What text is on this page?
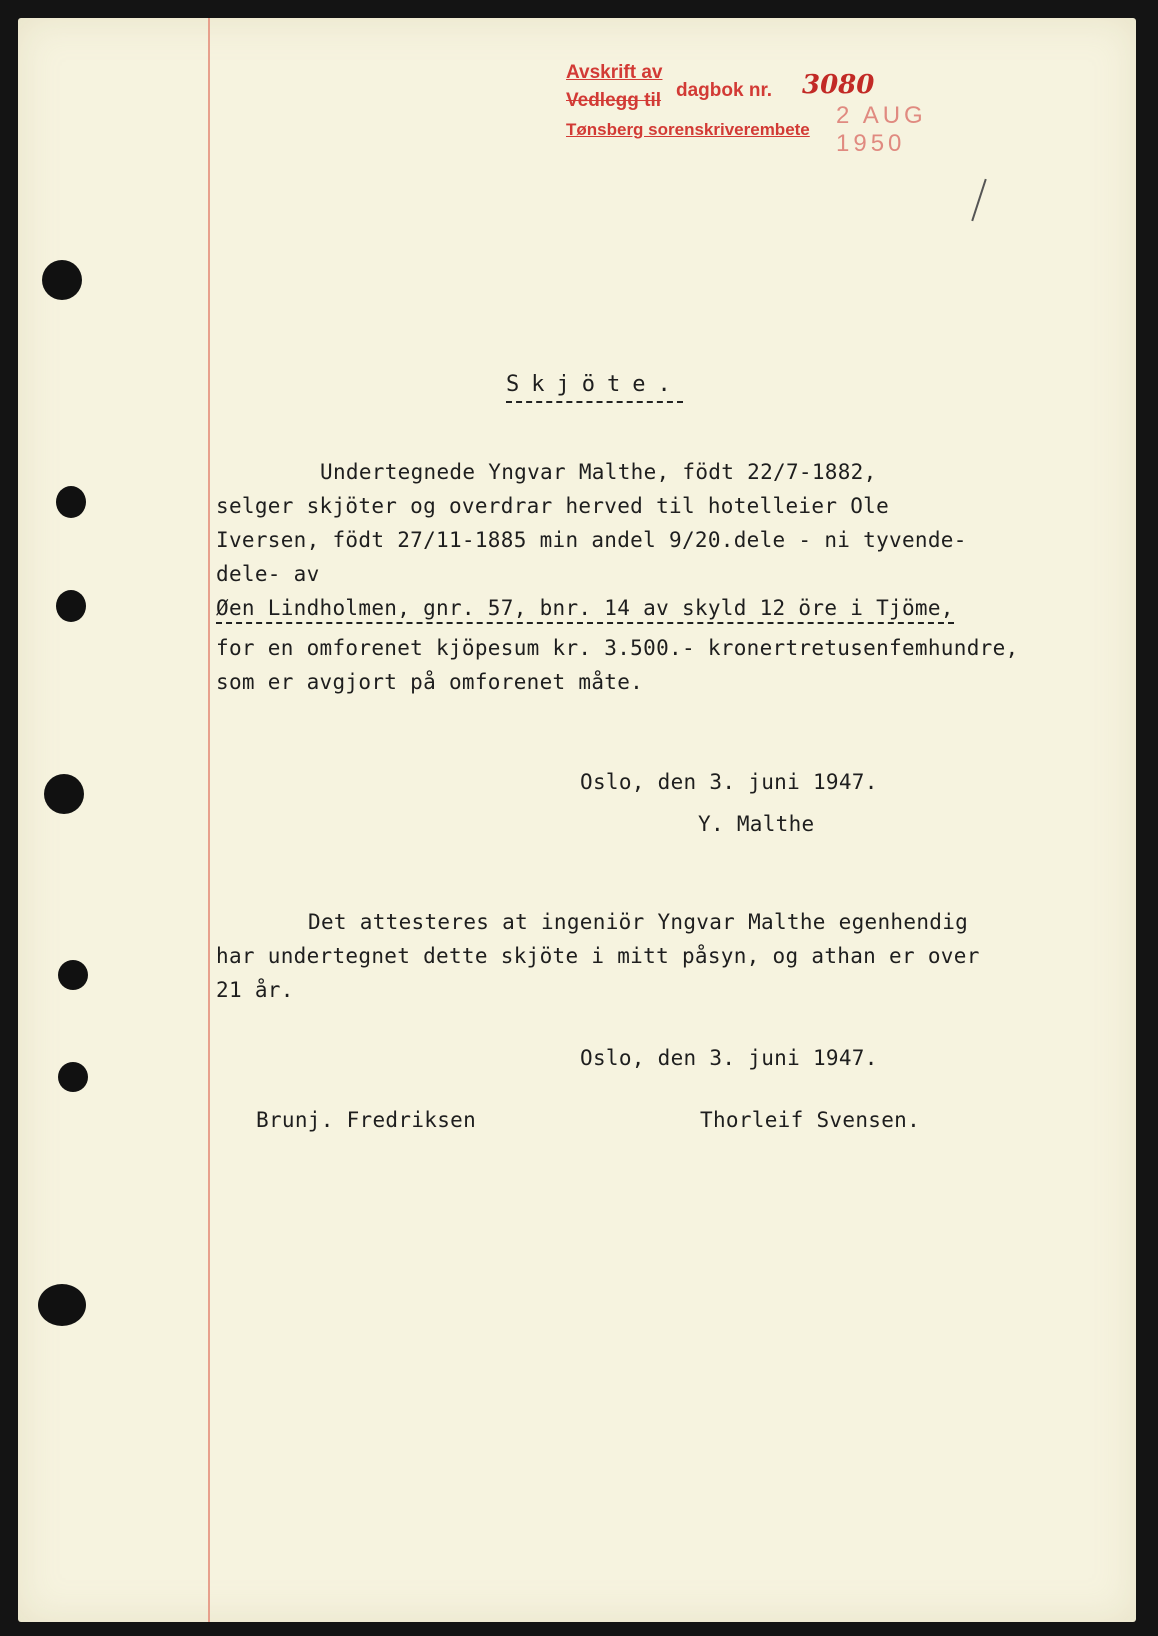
Avskrift av
Vedlegg til dagbok nr. 3080
Tønsberg sorenskriverembete
2 AUG 1950
Skjöte.
Undertegnede Yngvar Malthe, födt 22/7-1882,
selger skjöter og overdrar herved til hotelleier Ole
Iversen, födt 27/11-1885 min andel 9/20.dele - ni tyvende-
dele- av
Øen Lindholmen, gnr. 57, bnr. 14 av skyld 12 öre i Tjöme,
for en omforenet kjöpesum kr. 3.500.- kronertretusenfemhundre,
som er avgjort på omforenet måte.
Oslo, den 3. juni 1947.
Y. Malthe
Det attesteres at ingeniör Yngvar Malthe egenhendig
har undertegnet dette skjöte i mitt påsyn, og athan er over
21 år.
Oslo, den 3. juni 1947.
Brunj. Fredriksen	Thorleif Svensen.
